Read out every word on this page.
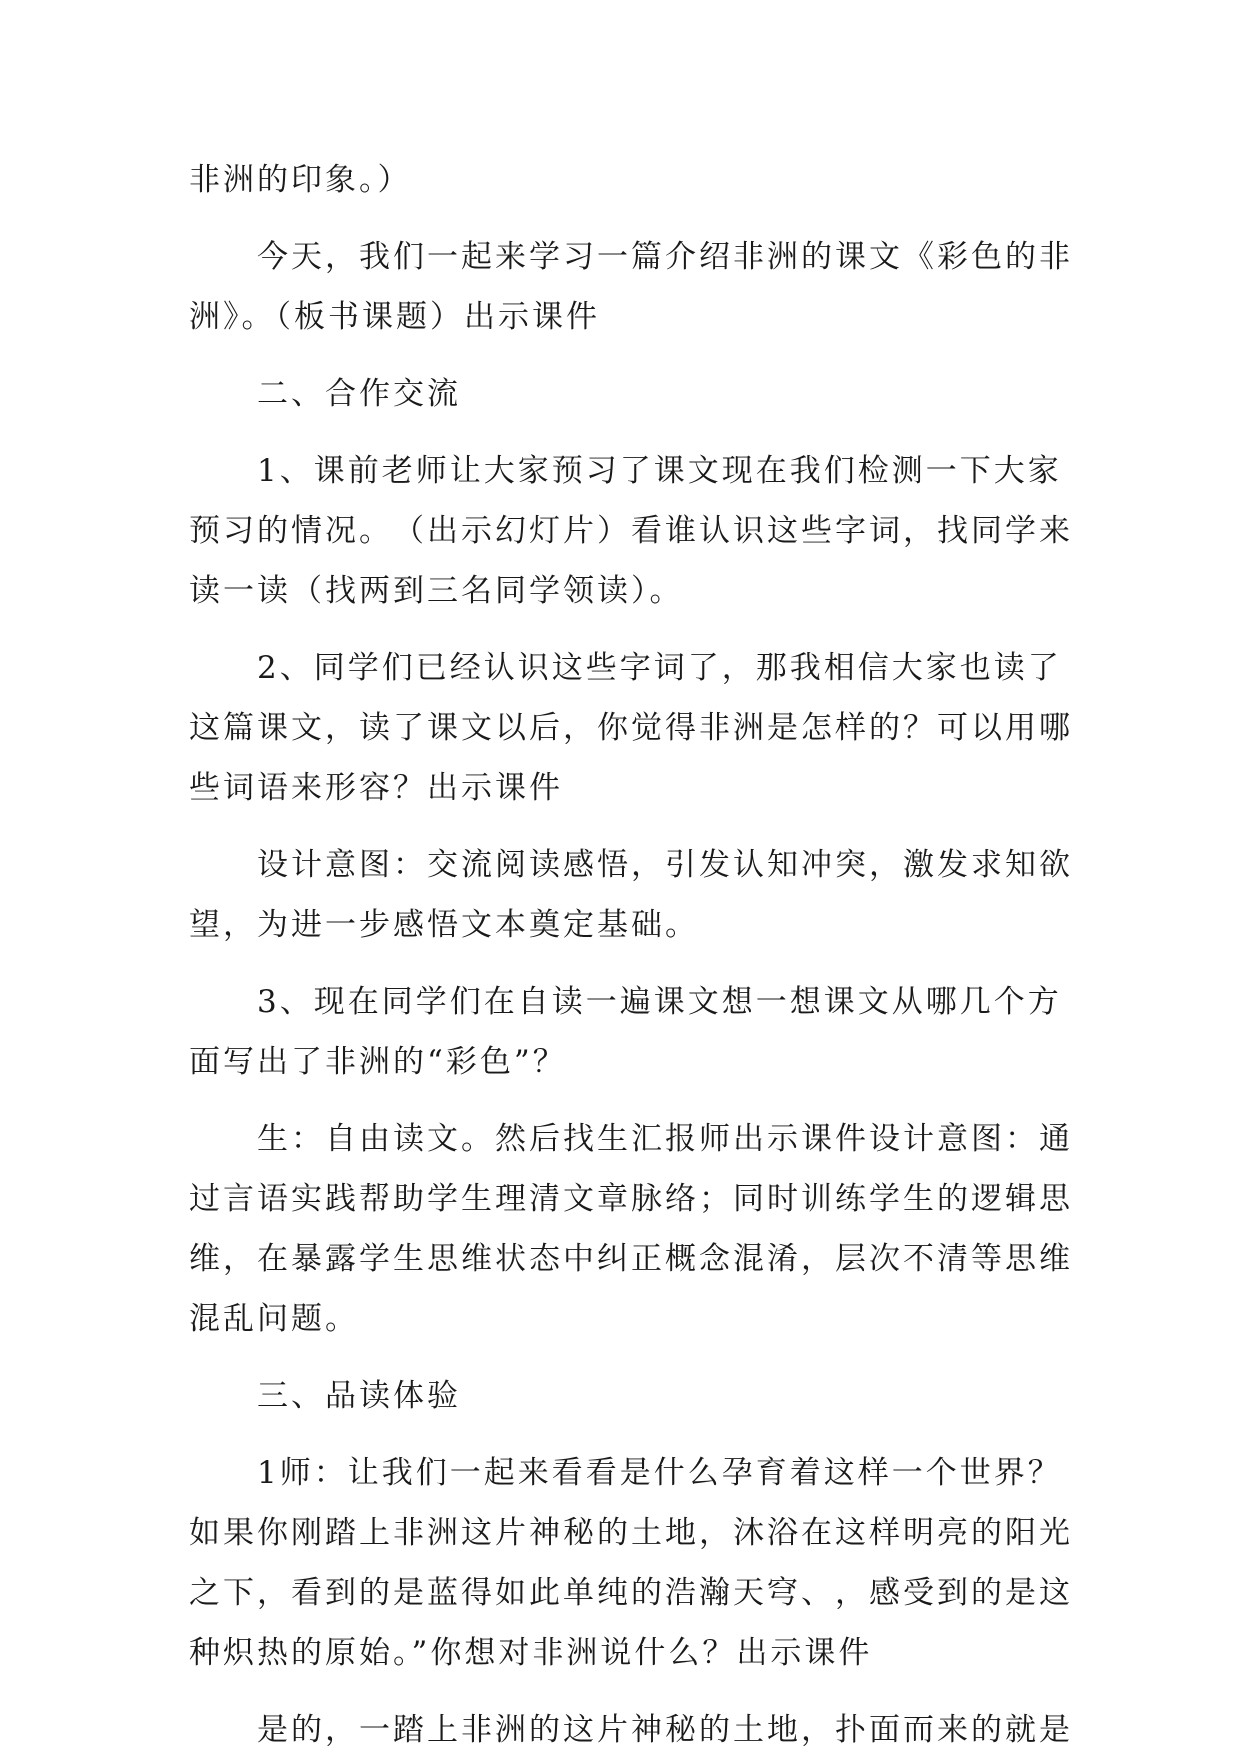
非洲的印象。）
今 天 ， 我 们 一 起 来 学 习 一 篇 介 绍 非 洲 的 课 文 《 彩 色 的 非
洲》。（板书课题）出示课件
二、合作交流
1 、 课 前 老 师 让 大 家 预 习 了 课 文 现 在 我 们 检 测 一 下 大 家
预 习 的 情 况 。 （ 出 示 幻 灯 片 ） 看 谁 认 识 这 些 字 词 ， 找 同 学 来
读一读（找两到三名同学领读）。
2 、 同 学 们 已 经 认 识 这 些 字 词 了 ， 那 我 相 信 大 家 也 读 了
这 篇 课 文 ， 读 了 课 文 以 后 ， 你 觉 得 非 洲 是 怎 样 的 ？ 可 以 用 哪
些词语来形容？出示课件
设 计 意 图 ： 交 流 阅 读 感 悟 ， 引 发 认 知 冲 突 ， 激 发 求 知 欲
望，为进一步感悟文本奠定基础。
3 、 现 在 同 学 们 在 自 读 一 遍 课 文 想 一 想 课 文 从 哪 几 个 方
面写出了非洲的“彩色”？
生 ： 自 由 读 文 。 然 后 找 生 汇 报 师 出 示 课 件 设 计 意 图 ： 通
过 言 语 实 践 帮 助 学 生 理 清 文 章 脉 络 ； 同 时 训 练 学 生 的 逻 辑 思
维 ， 在 暴 露 学 生 思 维 状 态 中 纠 正 概 念 混 淆 ， 层 次 不 清 等 思 维
混乱问题。
三、品读体验
1 师 ： 让 我 们 一 起 来 看 看 是 什 么 孕 育 着 这 样 一 个 世 界 ？
如 果 你 刚 踏 上 非 洲 这 片 神 秘 的 土 地 ， 沐 浴 在 这 样 明 亮 的 阳 光
之 下 ， 看 到 的 是 蓝 得 如 此 单 纯 的 浩 瀚 天 穹 、 ， 感 受 到 的 是 这
种炽热的原始。”你想对非洲说什么？出示课件
是 的 ， 一 踏 上 非 洲 的 这 片 神 秘 的 土 地 ， 扑 面 而 来 的 就 是
